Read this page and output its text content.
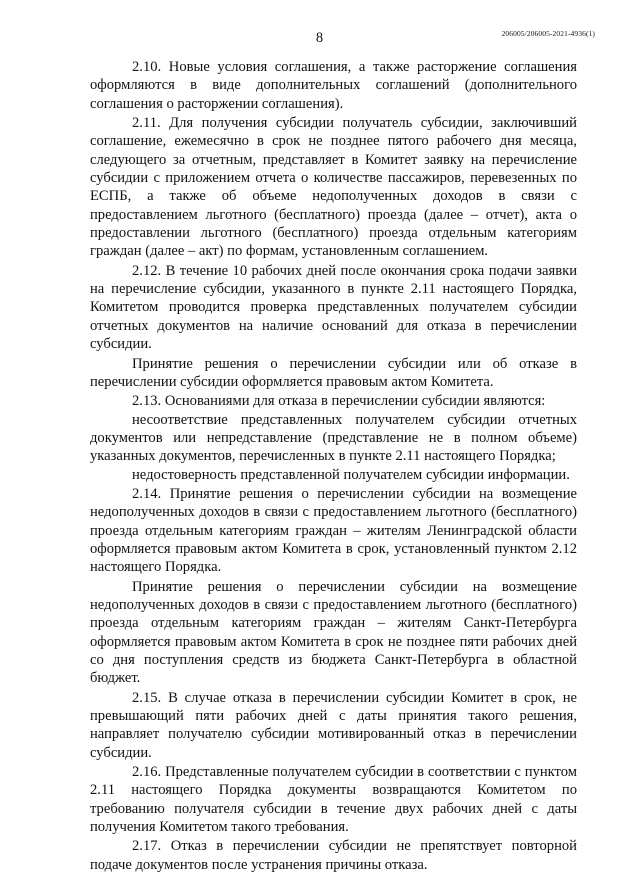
8	206005/206005-2021-4936(1)

2.10. Новые условия соглашения, а также расторжение соглашения оформляются в виде дополнительных соглашений (дополнительного соглашения о расторжении соглашения).

2.11. Для получения субсидии получатель субсидии, заключивший соглашение, ежемесячно в срок не позднее пятого рабочего дня месяца, следующего за отчетным, представляет в Комитет заявку на перечисление субсидии с приложением отчета о количестве пассажиров, перевезенных по ЕСПБ, а также об объеме недополученных доходов в связи с предоставлением льготного (бесплатного) проезда (далее – отчет), акта о предоставлении льготного (бесплатного) проезда отдельным категориям граждан (далее – акт) по формам, установленным соглашением.

2.12. В течение 10 рабочих дней после окончания срока подачи заявки на перечисление субсидии, указанного в пункте 2.11 настоящего Порядка, Комитетом проводится проверка представленных получателем субсидии отчетных документов на наличие оснований для отказа в перечислении субсидии.

Принятие решения о перечислении субсидии или об отказе в перечислении субсидии оформляется правовым актом Комитета.

2.13. Основаниями для отказа в перечислении субсидии являются:

несоответствие представленных получателем субсидии отчетных документов или непредставление (представление не в полном объеме) указанных документов, перечисленных в пункте 2.11 настоящего Порядка;

недостоверность представленной получателем субсидии информации.

2.14. Принятие решения о перечислении субсидии на возмещение недополученных доходов в связи с предоставлением льготного (бесплатного) проезда отдельным категориям граждан – жителям Ленинградской области оформляется правовым актом Комитета в срок, установленный пунктом 2.12 настоящего Порядка.

Принятие решения о перечислении субсидии на возмещение недополученных доходов в связи с предоставлением льготного (бесплатного) проезда отдельным категориям граждан – жителям Санкт-Петербурга оформляется правовым актом Комитета в срок не позднее пяти рабочих дней со дня поступления средств из бюджета Санкт-Петербурга в областной бюджет.

2.15. В случае отказа в перечислении субсидии Комитет в срок, не превышающий пяти рабочих дней с даты принятия такого решения, направляет получателю субсидии мотивированный отказ в перечислении субсидии.

2.16. Представленные получателем субсидии в соответствии с пунктом 2.11 настоящего Порядка документы возвращаются Комитетом по требованию получателя субсидии в течение двух рабочих дней с даты получения Комитетом такого требования.

2.17. Отказ в перечислении субсидии не препятствует повторной подаче документов после устранения причины отказа.
